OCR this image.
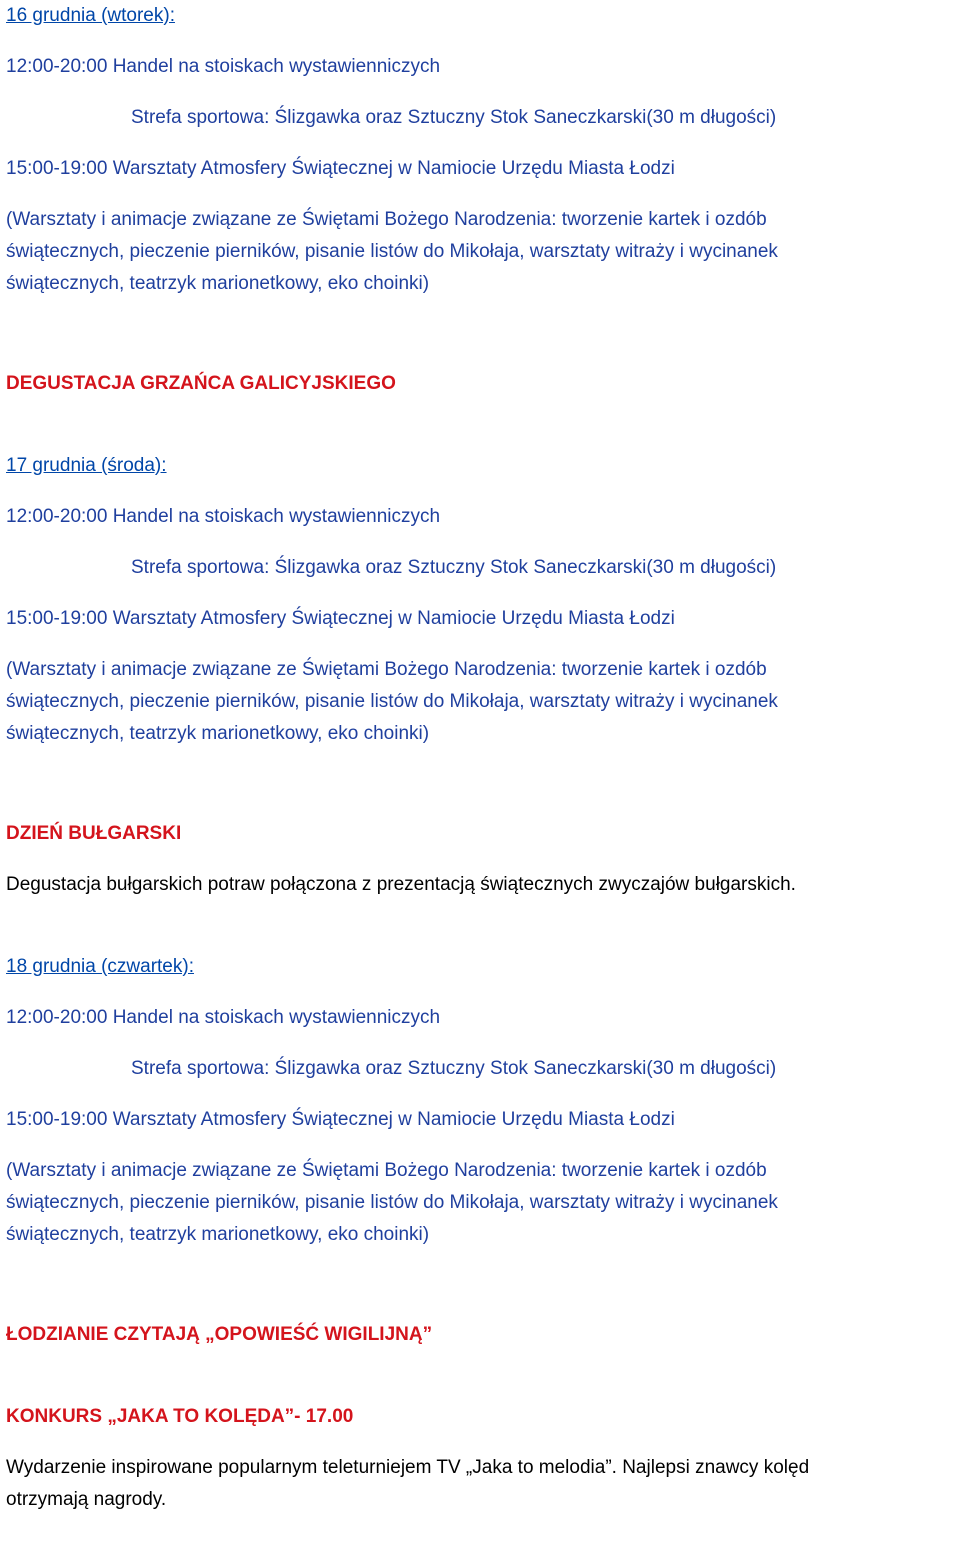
16 grudnia (wtorek):

12:00-20:00 Handel na stoiskach wystawienniczych

Strefa sportowa: Ślizgawka oraz Sztuczny Stok Saneczkarski(30 m długości)

15:00-19:00 Warsztaty Atmosfery Świątecznej w Namiocie Urzędu Miasta Łodzi

(Warsztaty i animacje związane ze Świętami Bożego Narodzenia: tworzenie kartek i ozdób

świątecznych, pieczenie pierników, pisanie listów do Mikołaja, warsztaty witraży i wycinanek

świątecznych, teatrzyk marionetkowy, eko choinki)

DEGUSTACJA GRZAŃCA GALICYJSKIEGO

17 grudnia (środa):

12:00-20:00 Handel na stoiskach wystawienniczych

Strefa sportowa: Ślizgawka oraz Sztuczny Stok Saneczkarski(30 m długości)

15:00-19:00 Warsztaty Atmosfery Świątecznej w Namiocie Urzędu Miasta Łodzi

(Warsztaty i animacje związane ze Świętami Bożego Narodzenia: tworzenie kartek i ozdób

świątecznych, pieczenie pierników, pisanie listów do Mikołaja, warsztaty witraży i wycinanek

świątecznych, teatrzyk marionetkowy, eko choinki)

DZIEŃ BUŁGARSKI

Degustacja bułgarskich potraw połączona z prezentacją świątecznych zwyczajów bułgarskich.

18 grudnia (czwartek):

12:00-20:00 Handel na stoiskach wystawienniczych

Strefa sportowa: Ślizgawka oraz Sztuczny Stok Saneczkarski(30 m długości)

15:00-19:00 Warsztaty Atmosfery Świątecznej w Namiocie Urzędu Miasta Łodzi

(Warsztaty i animacje związane ze Świętami Bożego Narodzenia: tworzenie kartek i ozdób

świątecznych, pieczenie pierników, pisanie listów do Mikołaja, warsztaty witraży i wycinanek

świątecznych, teatrzyk marionetkowy, eko choinki)

ŁODZIANIE CZYTAJĄ „OPOWIEŚĆ WIGILIJNĄ”

KONKURS „JAKA TO KOLĘDA”- 17.00

Wydarzenie inspirowane popularnym teleturniejem TV „Jaka to melodia”. Najlepsi znawcy kolęd

otrzymają nagrody.
